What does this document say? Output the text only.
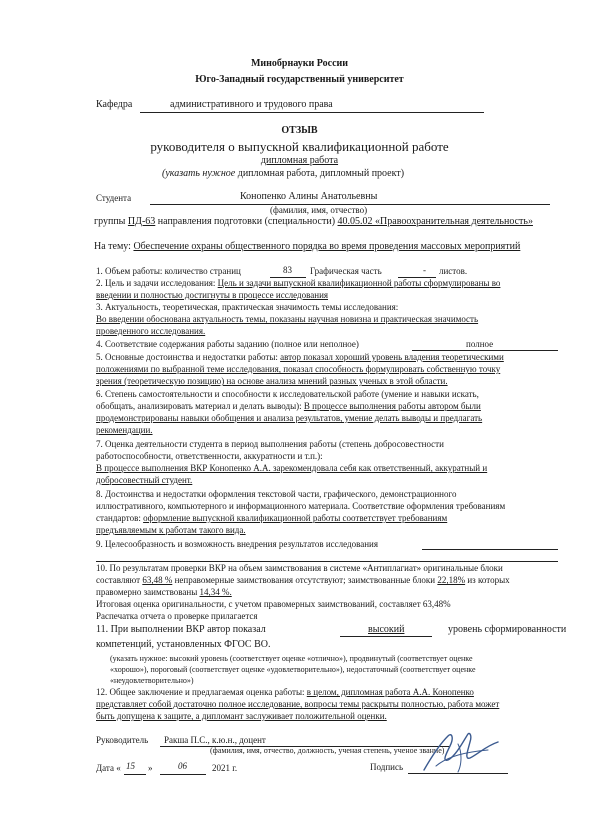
Минобрнауки России
Юго-Западный государственный университет
Кафедра	административного и трудового права
ОТЗЫВ
руководителя о выпускной квалификационной работе
дипломная работа
(указать нужное дипломная работа, дипломный проект)
Студента	Конопенко Алины Анатольевны
(фамилия, имя, отчество)
группы ПД-63 направления подготовки (специальности) 40.05.02 «Правоохранительная деятельность»
На тему: Обеспечение охраны общественного порядка во время проведения массовых мероприятий
1. Объем работы: количество страниц	83 Графическая часть	- листов.
2. Цель и задачи исследования: Цель и задачи выпускной квалификационной работы сформулированы во
введении и полностью достигнуты в процессе исследования
3. Актуальность, теоретическая, практическая значимость темы исследования:
Во введении обоснована актуальность темы, показаны научная новизна и практическая значимость
проведенного исследования.
4. Соответствие содержания работы заданию (полное или неполное)	полное
5. Основные достоинства и недостатки работы: автор показал хороший уровень владения теоретическими
положениями по выбранной теме исследования, показал способность формулировать собственную точку
зрения (теоретическую позицию) на основе анализа мнений разных ученых в этой области.
6. Степень самостоятельности и способности к исследовательской работе (умение и навыки искать,
обобщать, анализировать материал и делать выводы): В процессе выполнения работы автором были
продемонстрированы навыки обобщения и анализа результатов, умение делать выводы и предлагать
рекомендации.
7. Оценка деятельности студента в период выполнения работы (степень добросовестности
работоспособности, ответственности, аккуратности и т.п.):
В процессе выполнения ВКР Конопенко А.А. зарекомендовала себя как ответственный, аккуратный и
добросовестный студент.
8. Достоинства и недостатки оформления текстовой части, графического, демонстрационного
иллюстративного, компьютерного и информационного материала. Соответствие оформления требованиям
стандартов: оформление выпускной квалификационной работы соответствует требованиям
предъявляемым к работам такого вида.
9. Целесообразность и возможность внедрения результатов исследования
10. По результатам проверки ВКР на объем заимствования в системе «Антиплагиат» оригинальные блоки
составляют 63,48 % неправомерные заимствования отсутствуют; заимствованные блоки 22,18% из которых
правомерно заимствованы 14,34 %.
Итоговая оценка оригинальности, с учетом правомерных заимствований, составляет 63,48%
Распечатка отчета о проверке прилагается
11. При выполнении ВКР автор показал	высокий	уровень сформированности
компетенций, установленных ФГОС ВО.
(указать нужное: высокий уровень (соответствует оценке «отлично»), продвинутый (соответствует оценке
«хорошо»), пороговый (соответствует оценке «удовлетворительно»), недостаточный (соответствует оценке
«неудовлетворительно»)
12. Общее заключение и предлагаемая оценка работы: в целом, дипломная работа А.А. Конопенко
представляет собой достаточно полное исследование, вопросы темы раскрыты полностью, работа может
быть допущена к защите, а дипломант заслуживает положительной оценки.
Руководитель Ракша П.С., к.ю.н., доцент
(фамилия, имя, отчество, должность, ученая степень, ученое звание)
Дата « 15 »	06	2021 г.	Подпись
